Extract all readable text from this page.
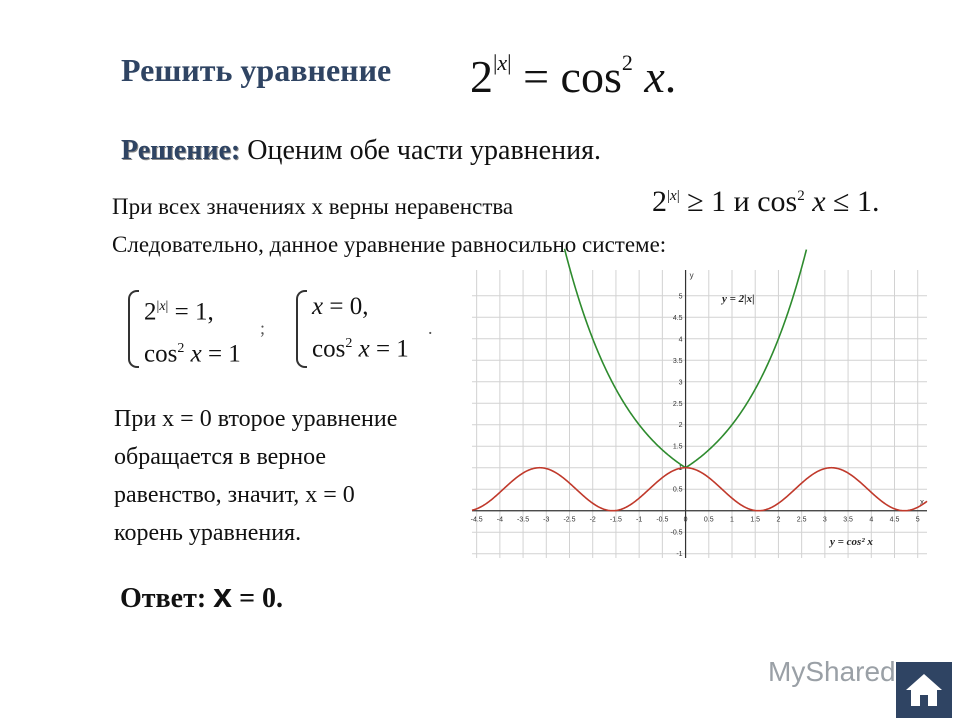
Решить уравнение $2^{|x|} = \cos^2 x$.
Решение: Оценим обе части уравнения.
При всех значениях x верны неравенства	$2^{|x|} \ge 1$ и $\cos^2 x \le 1$.
Следовательно, данное уравнение равносильно системе:
$2^{|x|} = 1$,
$\cos^2 x = 1$
;
x = 0,
$\cos^2 x = 1$
.
При x = 0 второе уравнение
обращается в верное
равенство, значит, x = 0
корень уравнения.
Ответ: x = 0.
-4.5 -4 -3.5 -3 -2.5 -2 -1.5 -1 -0.5 0 0.5 1 1.5 2 2.5 3 3.5 4 4.5 5
-1
-0.5
0.5
1
1.5
2
2.5
3
3.5
4
4.5
5
x
y
y = 2|x|
y = cos² x
MyShared
